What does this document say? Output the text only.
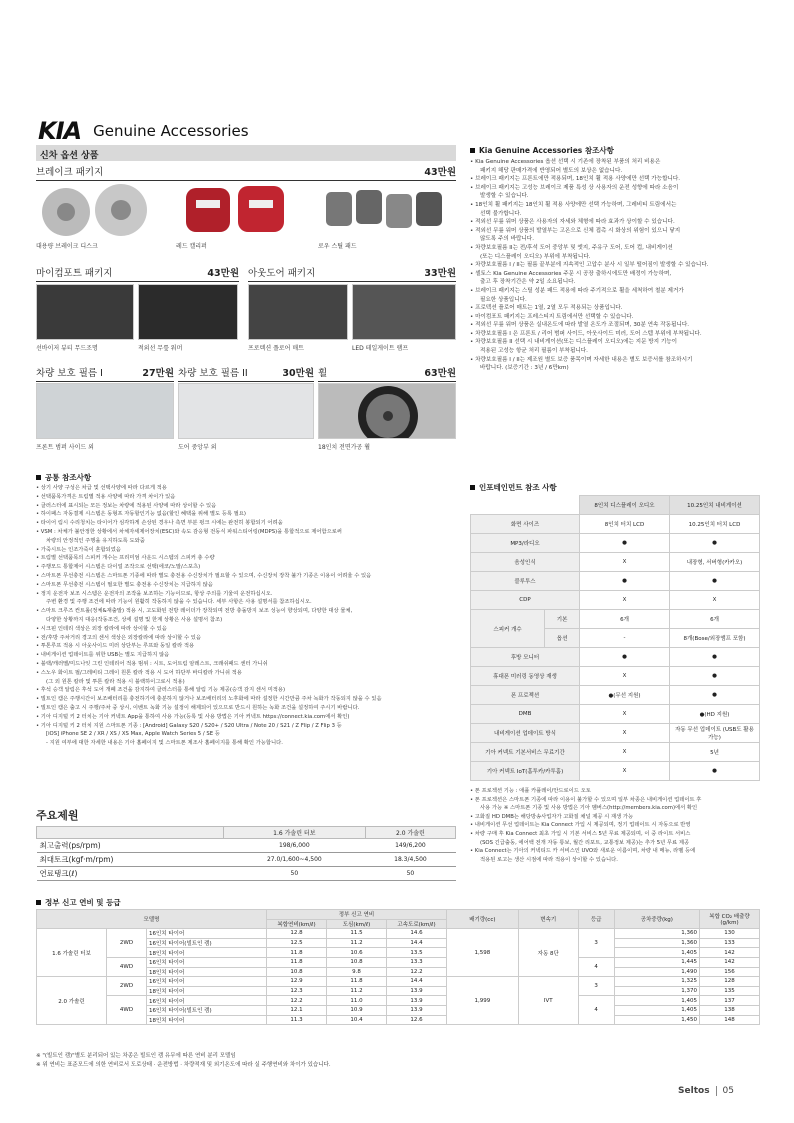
KIA Genuine Accessories
신차 옵션 상품
브레이크 패키지	43만원
대용량 브레이크 디스크	레드 캘리퍼	로우 스틸 패드
마이컴포트 패키지	43만원 아웃도어 패키지	33만원
선바이저 뷰티 무드조명	적외선 무릎 워머	프로텍션 플로어 매트	LED 테일게이트 램프
차량 보호 필름 I	27만원 차량 보호 필름 II	30만원 휠	63만원
프론트 범퍼 사이드 외	도어 중앙부 외	18인치 전면가공 휠
Kia Genuine Accessories 참조사항
• Kia Genuine Accessories 옵션 선택 시 기존에 장착된 부품의 처리 비용은
패키지 해당 판매가격에 반영되어 별도의 보상은 없습니다.
• 브레이크 패키지는 프론트에만 적용되며, 18인치 휠 적용 사양에만 선택 가능합니다.
• 브레이크 패키지는 고성능 브레이크 제품 특성 상 사용자의 운전 성향에 따라 소음이
발생할 수 있습니다.
• 18인치 휠 패키지는 18인치 휠 적용 사양에만 선택 가능하며, 그레비티 트림에서는
선택 불가합니다.
• 적외선 무릎 워머 상품은 사용자의 자세와 체형에 따라 효과가 상이할 수 있습니다.
• 적외선 무릎 워머 상품의 발열부는 고온으로 신체 접촉 시 화상의 위험이 있으니 닿지
않도록 주의 바랍니다.
• 차량보호필름 II는 전/후석 도어 중앙부 및 엣지, 주유구 도어, 도어 컵, 내비게이션
(또는 디스플레이 오디오) 부위에 부착됩니다.
• 차량보호필름 I / II는 필름 끝부분에 지속적인 고압수 분사 시 일부 떨어짐이 발생할 수 있습니다.
• 셀토스 Kia Genuine Accessories 주문 시 공장 출하시에도만 배정이 가능하며,
출고 후 장착기간은 약 2일 소요됩니다.
• 브레이크 패키지는 스틸 성분 패드 적용에 따라 주기적으로 휠을 세척하여 철분 제거가
필요한 상품입니다.
• 프로텍션 플로어 매트는 1열, 2열 모두 적용되는 상품입니다.
• 마이컴포트 패키지는 프레스티지 트림에서만 선택할 수 있습니다.
• 적외선 무릎 워머 상품은 실내온도에 따라 발열 온도가 조절되며, 30분 연속 작동됩니다.
• 차량보호필름 I 은 프론트 / 리어 범퍼 사이드, 아웃사이드 미러, 도어 스텝 부위에 부착됩니다.
• 차량보호필름 II 선택 시 내비게이션(또는 디스플레이 오디오)에는 지문 방지 기능이
적용된 고성능 항균 처리 필름이 부착됩니다.
• 차량보호필름 I / II는 제조원 별도 보증 품목이며 자세한 내용은 별도 보증서를 참조하시기
바랍니다. (보증기간 : 3년 / 6만km)
공통 참조사항
• 상기 사양 구성은 차급 및 선택사양에 따라 다르게 적용
• 선택품목가격은 트림별 적용 사양에 따라 가격 차이가 있음
• 클러스터에 표시되는 모든 정보는 차량에 적용된 사양에 따라 상이할 수 있음
• 하이패스 자동결제 시스템은 동형프 자동할인기능 없음(할인 혜택을 위해 별도 등록 필요)
• 타이어 림시 수리청치는 타이어가 심각하게 손상된 경우나 측면 부분 펑크 시에는 완전히 봉합되기 어려움
• VSM : 차체가 불안정한 상황에서 차체자세제어장치(ESC)와 속도 감응형 전동식 파워스티어링(MDPS)을 통합적으로 제어함으로써
차량의 안정적인 주행을 유지하도록 도와줌
• 가죽시트는 인조가죽이 혼합되었음
• 트림별 선택품목의 스피커 개수는 프리미엄 사운드 시스템의 스피커 총 수량
• 주행모드 통합제어 시스템은 다이얼 조작으로 선택(에코/노말/스포츠)
• 스마트폰 무선충전 시스템은 스마트폰 기종에 따라 별도 충전용 수신장치가 필요할 수 있으며, 수신장치 장착 불가 기종은 이용이 어려울 수 있음
• 스마트폰 무선충전 시스템이 필요한 별도 충전용 수신장치는 지급하지 않음
• 정지 운전자 보조 시스템은 운전자의 조작을 보조하는 기능이므로, 항상 주의를 기울여 운전하십시오.
주변 환경 및 주행 조건에 따라 기능이 원활히 작동하지 않을 수 있습니다. 세부 사항은 사용 설명서를 참조하십시오.
• 스마트 크루즈 컨트롤(정체&재출발) 적용 시, 고도화된 전방 레이더가 장착되며 전방 충돌방지 보조 성능이 향상되며, 다양한 대상 물체,
다양한 상황까지 대응(작동조건, 상세 설명 및 한계 상황은 사용 설명서 참조)
• 시크핀 인테리 색상은 외장 칼라에 따라 상이할 수 있음
• 전/후방 주차거리 경고의 센서 색상은 외장칼라에 따라 상이할 수 있음
• 투톤루프 적용 시 아웃사이드 미러 상단부는 루프와 동일 칼라 적용
• 내비게이션 업데이트를 위한 USB는 별도 지급하지 않음
• 블랙/캐러멜/미드나잇 그린 인테리어 적용 범위 : 시트, 도어트림 암레스트, 크래쉬패드 센터 가니쉬
• 스노우 화이트 펄/그레비티 그레이 원톤 칼라 적용 시 도어 하단부 바디칼라 가니쉬 적용
(그 외 원톤 칼라 및 투톤 칼라 적용 시 블랙하이그로시 적용)
• 후석 승객 알림은 후석 도어 개폐 조건을 감지하여 클러스터를 통해 알림 기능 제공(승객 감지 센서 미적용)
• 빌트인 캠은 주행시간이 보조배터리를 충전하기에 충분하지 않거나 보조배터리의 노후화에 따라 설정한 시간만큼 주차 녹화가 작동되지 않을 수 있음
• 빌트인 캠은 출고 시 주행/주차 중 상시, 이벤트 녹화 기능 설정이 해제되어 있으므로 반드시 원하는 녹화 조건을 설정하여 주시기 바랍니다.
• 기아 디지털 키 2 터치는 기아 커넥트 App을 통하여 사용 가능(등록 및 사용 방법은 기아 커넥트 https://connect.kia.com에서 확인)
• 기아 디지털 키 2 터치 지원 스마트폰 기종 : [Android] Galaxy S20 / S20+ / S20 Ultra / Note 20 / S21 / Z Flip / Z Flip 3 등
[iOS] iPhone SE 2 / XR / XS / XS Max, Apple Watch Series 5 / SE 등
- 지원 여부에 대한 자세한 내용은 기아 홈페이지 및 스마트폰 제조사 홈페이지를 통해 확인 가능합니다.
주요제원
	1.6 가솔린 터보	2.0 가솔린
최고출력(ps/rpm)	198/6,000	149/6,200
최대토크(kgf·m/rpm)	27.0/1,600~4,500	18.3/4,500
연료탱크(ℓ)	50	50
인포테인먼트 참조 사항
		8인치 디스플레이 오디오	10.25인치 내비게이션
화면 사이즈		8인치 터치 LCD	10.25인치 터치 LCD
MP3/라디오		●	●
음성인식		X	내장형, 서버형(카카오)
블루투스		●	●
CDP		X	X
스피커 개수	기본	6개	6개
	옵션	-	8개(Bose/외장앰프 포함)
후방 모니터		●	●
휴대폰 미러링 동영상 재생		X	●
폰 프로젝션		●(무선 지원)	●
DMB		X	●(HD 지원)
내비게이션 업데이트 방식		X	자동 무선 업데이트 (USB도 활용 가능)
기아 커넥트 기본서비스 무료기간		X	5년
기아 커넥트 IoT(홈투카/카투홈)		X	●
• 폰 프로젝션 기능 : 애플 카플레이/안드로이드 오토
• 폰 프로젝션은 스마트폰 기종에 따라 이용이 불가할 수 있으며 일부 차종은 내비게이션 업데이트 후
사용 가능 ※ 스마트폰 기종 및 사용 방법은 기아 멤버스(http://members.kia.com)에서 확인
• 고화질 HD DMB는 해당방송사업자가 고화질 채널 제공 시 재생 가능
• 내비게이션 무선 업데이트는 Kia Connect 가입 시 제공되며, 정기 업데이트 시 자동으로 반영
• 차량 구매 후 Kia Connect 최초 가입 시 기본 서비스 5년 무료 제공되며, 이 중 라이트 서비스
(SOS 긴급출동, 에어백 전개 자동 통보, 월간 리포트, 교통정보 제공)는 추가 5년 무료 제공
• Kia Connect는 기아의 커넥티드 카 서비스인 UVO와 새로운 이름이며, 차량 내 메뉴, 라벨 등에
적용된 로고는 생산 시점에 따라 적용이 상이할 수 있습니다.
정부 신고 연비 및 등급
모델명			정부 신고 연비			배기량(cc)	변속기	등급	공차중량(kg)	복합 CO₂ 배출량 (g/km)
			복합연비(km/ℓ)	도심(km/ℓ)	고속도로(km/ℓ)					
1.6 가솔린 터보	2WD	16인치 타이어	12.8	11.5	14.6	1,598	자동 8단	3	1,360	130
		16인치 타이어(빌트인 캠)	12.5	11.2	14.4				1,360	133
		18인치 타이어	11.8	10.6	13.5				1,405	142
	4WD	16인치 타이어	11.8	10.8	13.3			4	1,445	142
		18인치 타이어	10.8	9.8	12.2				1,490	156
2.0 가솔린	2WD	16인치 타이어	12.9	11.8	14.4	1,999	IVT	3	1,325	128
		18인치 타이어	12.3	11.2	13.9				1,370	135
	4WD	16인치 타이어	12.2	11.0	13.9			4	1,405	137
		16인치 타이어(빌트인 캠)	12.1	10.9	13.9				1,405	138
		18인치 타이어	11.3	10.4	12.6				1,450	148
※ "(빌트인 캠)"별도 분리되어 있는 차종은 빌트인 캠 유무에 따른 연비 분리 모델임
※ 위 연비는 표준모드에 의한 연비로서 도로상태 · 운전방법 · 차량적재 및 외기온도에 따라 실 주행연비와 차이가 있습니다.
Seltos 05
